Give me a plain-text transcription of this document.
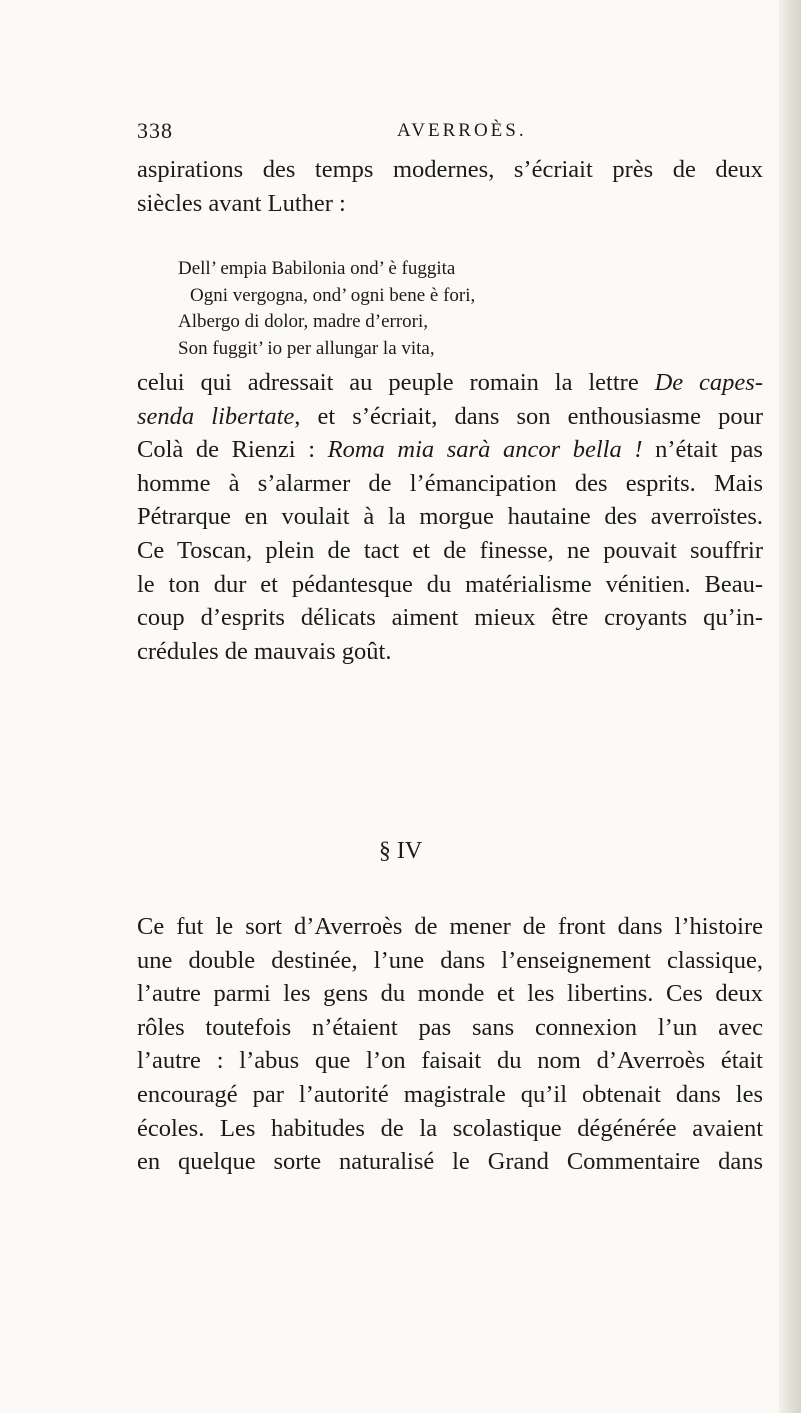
338	AVERROÈS.

aspirations des temps modernes, s’écriait près de deux
siècles avant Luther :

Dell’ empia Babilonia ond’ è fuggita
Ogni vergogna, ond’ ogni bene è fori,
Albergo di dolor, madre d’errori,
Son fuggit’ io per allungar la vita,

celui qui adressait au peuple romain la lettre De capes-
senda libertate, et s’écriait, dans son enthousiasme pour
Colà de Rienzi : Roma mia sarà ancor bella ! n’était pas
homme à s’alarmer de l’émancipation des esprits. Mais
Pétrarque en voulait à la morgue hautaine des averroïstes.
Ce Toscan, plein de tact et de finesse, ne pouvait souffrir
le ton dur et pédantesque du matérialisme vénitien. Beau-
coup d’esprits délicats aiment mieux être croyants qu’in-
crédules de mauvais goût.

§ IV

Ce fut le sort d’Averroès de mener de front dans l’histoire
une double destinée, l’une dans l’enseignement classique,
l’autre parmi les gens du monde et les libertins. Ces deux
rôles toutefois n’étaient pas sans connexion l’un avec
l’autre : l’abus que l’on faisait du nom d’Averroès était
encouragé par l’autorité magistrale qu’il obtenait dans les
écoles. Les habitudes de la scolastique dégénérée avaient
en quelque sorte naturalisé le Grand Commentaire dans
